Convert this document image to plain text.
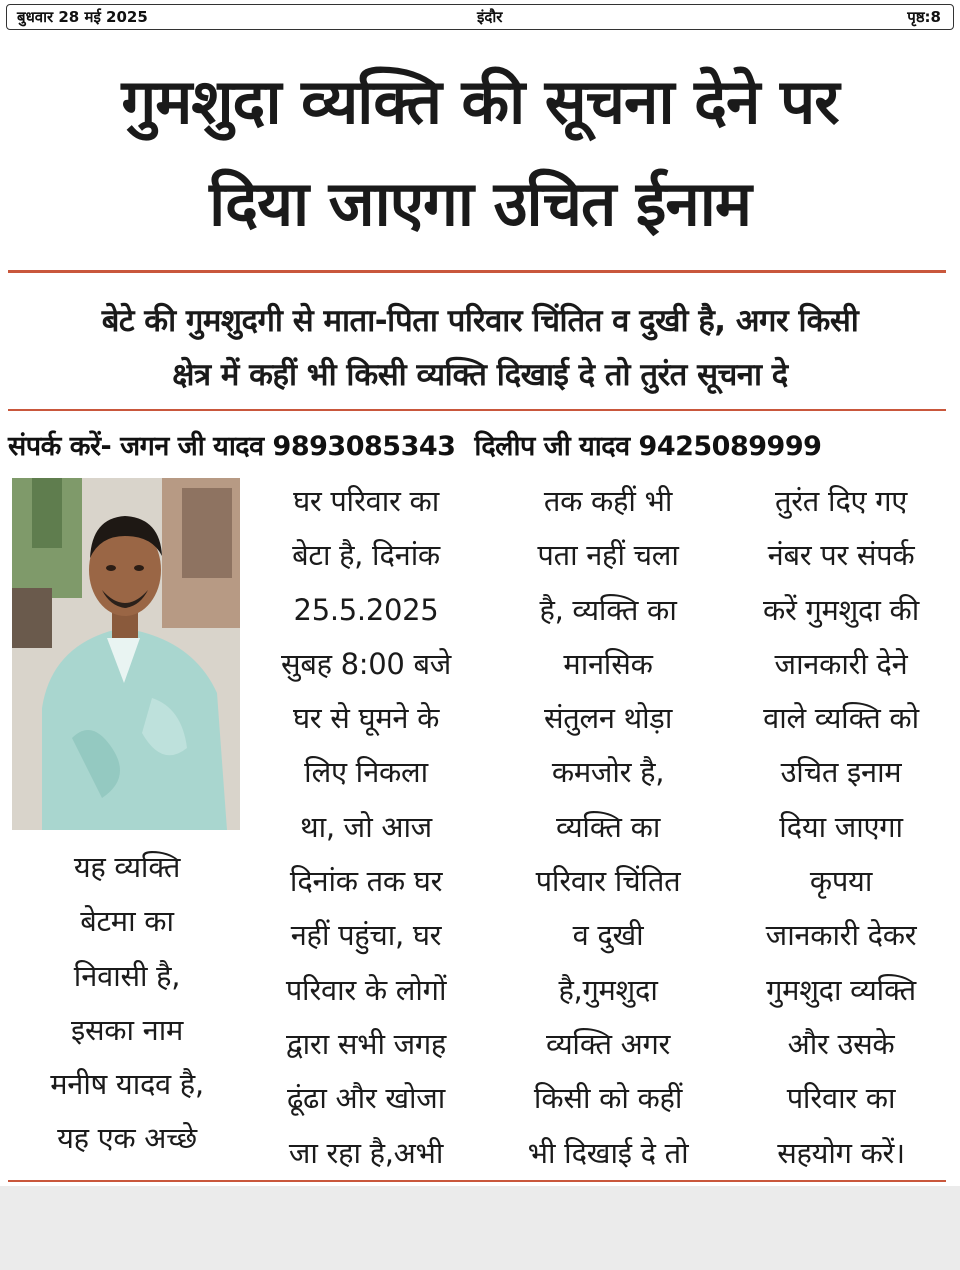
बुधवार 28 मई 2025	इंदौर	पृष्ठ:8
गुमशुदा व्यक्ति की सूचना देने पर
दिया जाएगा उचित ईनाम
बेटे की गुमशुदगी से माता-पिता परिवार चिंतित व दुखी है, अगर किसी
क्षेत्र में कहीं भी किसी व्यक्ति दिखाई दे तो तुरंत सूचना दे
संपर्क करें- जगन जी यादव 9893085343 दिलीप जी यादव 9425089999
यह व्यक्ति
बेटमा का
निवासी है,
इसका नाम
मनीष यादव है,
यह एक अच्छे
घर परिवार का
बेटा है, दिनांक
25.5.2025
सुबह 8:00 बजे
घर से घूमने के
लिए निकला
था, जो आज
दिनांक तक घर
नहीं पहुंचा, घर
परिवार के लोगों
द्वारा सभी जगह
ढूंढा और खोजा
जा रहा है,अभी
तक कहीं भी
पता नहीं चला
है, व्यक्ति का
मानसिक
संतुलन थोड़ा
कमजोर है,
व्यक्ति का
परिवार चिंतित
व दुखी
है,गुमशुदा
व्यक्ति अगर
किसी को कहीं
भी दिखाई दे तो
तुरंत दिए गए
नंबर पर संपर्क
करें गुमशुदा की
जानकारी देने
वाले व्यक्ति को
उचित इनाम
दिया जाएगा
कृपया
जानकारी देकर
गुमशुदा व्यक्ति
और उसके
परिवार का
सहयोग करें।
